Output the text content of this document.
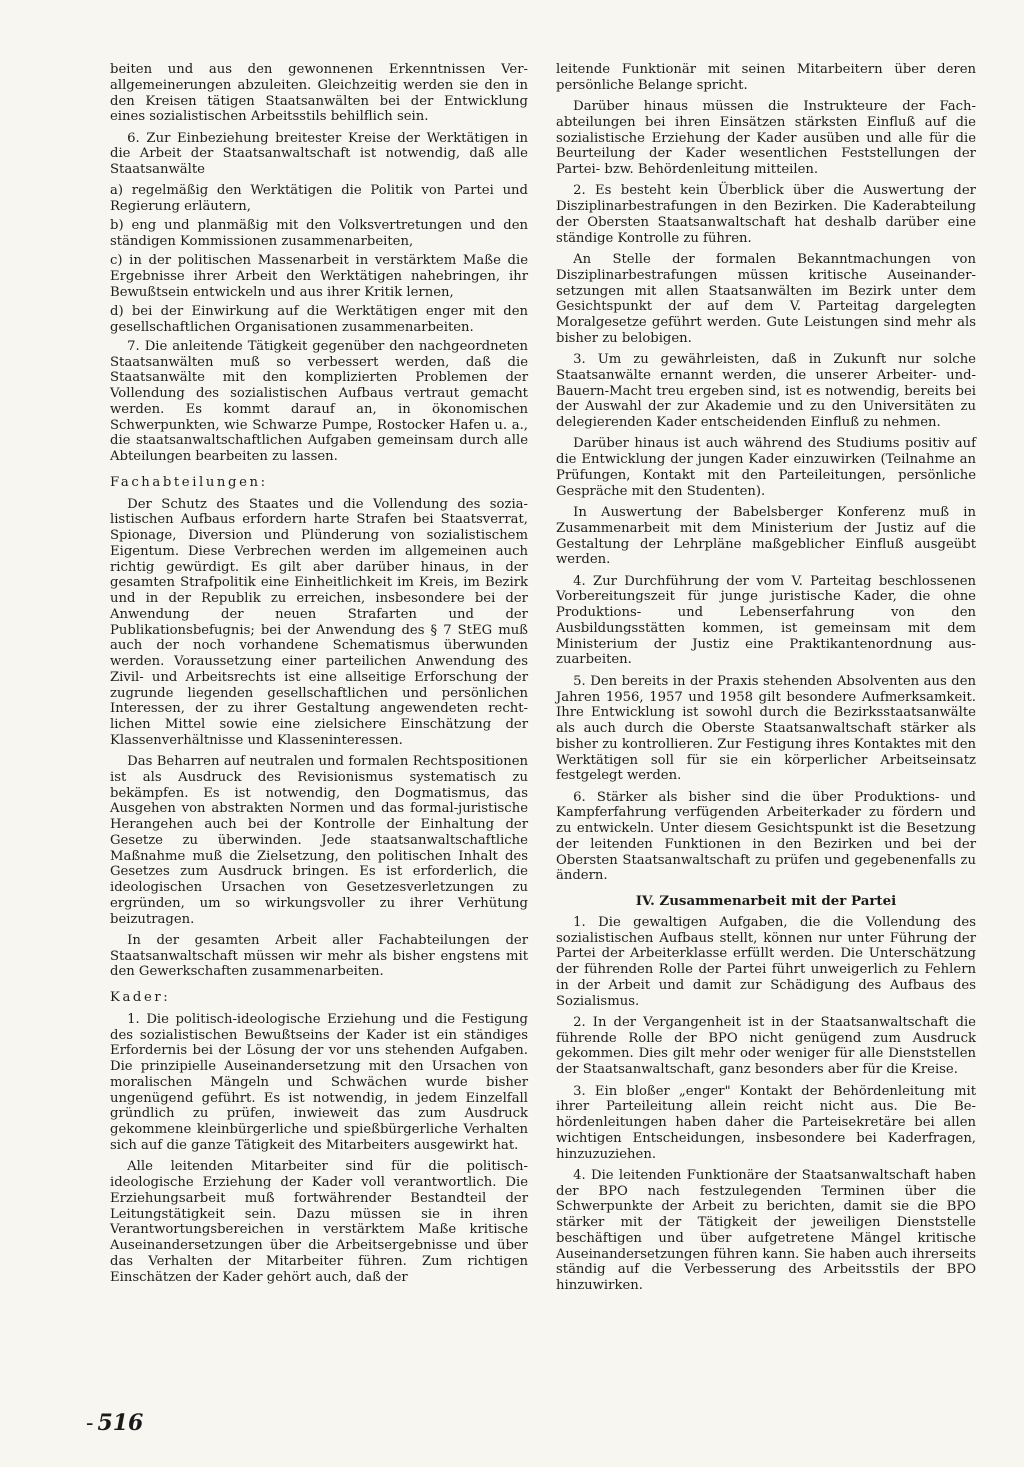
beiten und aus den gewonnenen Erkenntnissen Verallgemeinerungen abzuleiten. Gleichzeitig werden sie den in den Kreisen tätigen Staatsanwälten bei der Entwicklung eines sozialistischen Arbeitsstils behilflich sein.

6. Zur Einbeziehung breitester Kreise der Werktätigen in die Arbeit der Staatsanwaltschaft ist notwendig, daß alle Staatsanwälte

a) regelmäßig den Werktätigen die Politik von Partei und Regierung erläutern,

b) eng und planmäßig mit den Volksvertretungen und den ständigen Kommissionen zusammenarbeiten,

c) in der politischen Massenarbeit in verstärktem Maße die Ergebnisse ihrer Arbeit den Werktätigen nahebringen, ihr Bewußtsein entwickeln und aus ihrer Kritik lernen,

d) bei der Einwirkung auf die Werktätigen enger mit den gesellschaftlichen Organisationen zusammenarbeiten.

7. Die anleitende Tätigkeit gegenüber den nachgeordneten Staatsanwälten muß so verbessert werden, daß die Staatsanwälte mit den komplizierten Problemen der Vollendung des sozialistischen Aufbaus vertraut gemacht werden. Es kommt darauf an, in ökonomischen Schwerpunkten, wie Schwarze Pumpe, Rostocker Hafen u. a., die staatsanwaltschaftlichen Aufgaben gemeinsam durch alle Abteilungen bearbeiten zu lassen.

Fachabteilungen:

Der Schutz des Staates und die Vollendung des sozialistischen Aufbaus erfordern harte Strafen bei Staatsverrat, Spionage, Diversion und Plünderung von sozialistischem Eigentum. Diese Verbrechen werden im allgemeinen auch richtig gewürdigt. Es gilt aber darüber hinaus, in der gesamten Strafpolitik eine Einheitlichkeit im Kreis, im Bezirk und in der Republik zu erreichen, insbesondere bei der Anwendung der neuen Strafarten und der Publikationsbefugnis; bei der Anwendung des § 7 StEG muß auch der noch vorhandene Schematismus überwunden werden. Voraussetzung einer parteilichen Anwendung des Zivil- und Arbeitsrechts ist eine allseitige Erforschung der zugrunde liegenden gesellschaftlichen und persönlichen Interessen, der zu ihrer Gestaltung angewendeten rechtlichen Mittel sowie eine zielsichere Einschätzung der Klassenverhältnisse und Klasseninteressen.

Das Beharren auf neutralen und formalen Rechtspositionen ist als Ausdruck des Revisionismus systematisch zu bekämpfen. Es ist notwendig, den Dogmatismus, das Ausgehen von abstrakten Normen und das formal-juristische Herangehen auch bei der Kontrolle der Einhaltung der Gesetze zu überwinden. Jede staatsanwaltschaftliche Maßnahme muß die Zielsetzung, den politischen Inhalt des Gesetzes zum Ausdruck bringen. Es ist erforderlich, die ideologischen Ursachen von Gesetzesverletzungen zu ergründen, um so wirkungsvoller zu ihrer Verhütung beizutragen.

In der gesamten Arbeit aller Fachabteilungen der Staatsanwaltschaft müssen wir mehr als bisher engstens mit den Gewerkschaften zusammenarbeiten.

Kader:

1. Die politisch-ideologische Erziehung und die Festigung des sozialistischen Bewußtseins der Kader ist ein ständiges Erfordernis bei der Lösung der vor uns stehenden Aufgaben. Die prinzipielle Auseinandersetzung mit den Ursachen von moralischen Mängeln und Schwächen wurde bisher ungenügend geführt. Es ist notwendig, in jedem Einzelfall gründlich zu prüfen, inwieweit das zum Ausdruck gekommene kleinbürgerliche und spießbürgerliche Verhalten sich auf die ganze Tätigkeit des Mitarbeiters ausgewirkt hat.

Alle leitenden Mitarbeiter sind für die politisch-ideologische Erziehung der Kader voll verantwortlich. Die Erziehungsarbeit muß fortwährender Bestandteil der Leitungstätigkeit sein. Dazu müssen sie in ihren Verantwortungsbereichen in verstärktem Maße kritische Auseinandersetzungen über die Arbeitsergebnisse und über das Verhalten der Mitarbeiter führen. Zum richtigen Einschätzen der Kader gehört auch, daß der

leitende Funktionär mit seinen Mitarbeitern über deren persönliche Belange spricht.

Darüber hinaus müssen die Instrukteure der Fachabteilungen bei ihren Einsätzen stärksten Einfluß auf die sozialistische Erziehung der Kader ausüben und alle für die Beurteilung der Kader wesentlichen Feststellungen der Partei- bzw. Behördenleitung mitteilen.

2. Es besteht kein Überblick über die Auswertung der Disziplinarbestrafungen in den Bezirken. Die Kaderabteilung der Obersten Staatsanwaltschaft hat deshalb darüber eine ständige Kontrolle zu führen.

An Stelle der formalen Bekanntmachungen von Disziplinarbestrafungen müssen kritische Auseinandersetzungen mit allen Staatsanwälten im Bezirk unter dem Gesichtspunkt der auf dem V. Parteitag dargelegten Moralgesetze geführt werden. Gute Leistungen sind mehr als bisher zu belobigen.

3. Um zu gewährleisten, daß in Zukunft nur solche Staatsanwälte ernannt werden, die unserer Arbeiter- und-Bauern-Macht treu ergeben sind, ist es notwendig, bereits bei der Auswahl der zur Akademie und zu den Universitäten zu delegierenden Kader entscheidenden Einfluß zu nehmen.

Darüber hinaus ist auch während des Studiums positiv auf die Entwicklung der jungen Kader einzuwirken (Teilnahme an Prüfungen, Kontakt mit den Parteileitungen, persönliche Gespräche mit den Studenten).

In Auswertung der Babelsberger Konferenz muß in Zusammenarbeit mit dem Ministerium der Justiz auf die Gestaltung der Lehrpläne maßgeblicher Einfluß ausgeübt werden.

4. Zur Durchführung der vom V. Parteitag beschlossenen Vorbereitungszeit für junge juristische Kader, die ohne Produktions- und Lebenserfahrung von den Ausbildungsstätten kommen, ist gemeinsam mit dem Ministerium der Justiz eine Praktikantenordnung auszuarbeiten.

5. Den bereits in der Praxis stehenden Absolventen aus den Jahren 1956, 1957 und 1958 gilt besondere Aufmerksamkeit. Ihre Entwicklung ist sowohl durch die Bezirksstaatsanwälte als auch durch die Oberste Staatsanwaltschaft stärker als bisher zu kontrollieren. Zur Festigung ihres Kontaktes mit den Werktätigen soll für sie ein körperlicher Arbeitseinsatz festgelegt werden.

6. Stärker als bisher sind die über Produktions- und Kampferfahrung verfügenden Arbeiterkader zu fördern und zu entwickeln. Unter diesem Gesichtspunkt ist die Besetzung der leitenden Funktionen in den Bezirken und bei der Obersten Staatsanwaltschaft zu prüfen und gegebenenfalls zu ändern.

IV. Zusammenarbeit mit der Partei

1. Die gewaltigen Aufgaben, die die Vollendung des sozialistischen Aufbaus stellt, können nur unter Führung der Partei der Arbeiterklasse erfüllt werden. Die Unterschätzung der führenden Rolle der Partei führt unweigerlich zu Fehlern in der Arbeit und damit zur Schädigung des Aufbaus des Sozialismus.

2. In der Vergangenheit ist in der Staatsanwaltschaft die führende Rolle der BPO nicht genügend zum Ausdruck gekommen. Dies gilt mehr oder weniger für alle Dienststellen der Staatsanwaltschaft, ganz besonders aber für die Kreise.

3. Ein bloßer „enger" Kontakt der Behördenleitung mit ihrer Parteileitung allein reicht nicht aus. Die Behördenleitungen haben daher die Parteisekretäre bei allen wichtigen Entscheidungen, insbesondere bei Kaderfragen, hinzuzuziehen.

4. Die leitenden Funktionäre der Staatsanwaltschaft haben der BPO nach festzulegenden Terminen über die Schwerpunkte der Arbeit zu berichten, damit sie die BPO stärker mit der Tätigkeit der jeweiligen Dienststelle beschäftigen und über aufgetretene Mängel kritische Auseinandersetzungen führen kann. Sie haben auch ihrerseits ständig auf die Verbesserung des Arbeitsstils der BPO hinzuwirken.

- 516
